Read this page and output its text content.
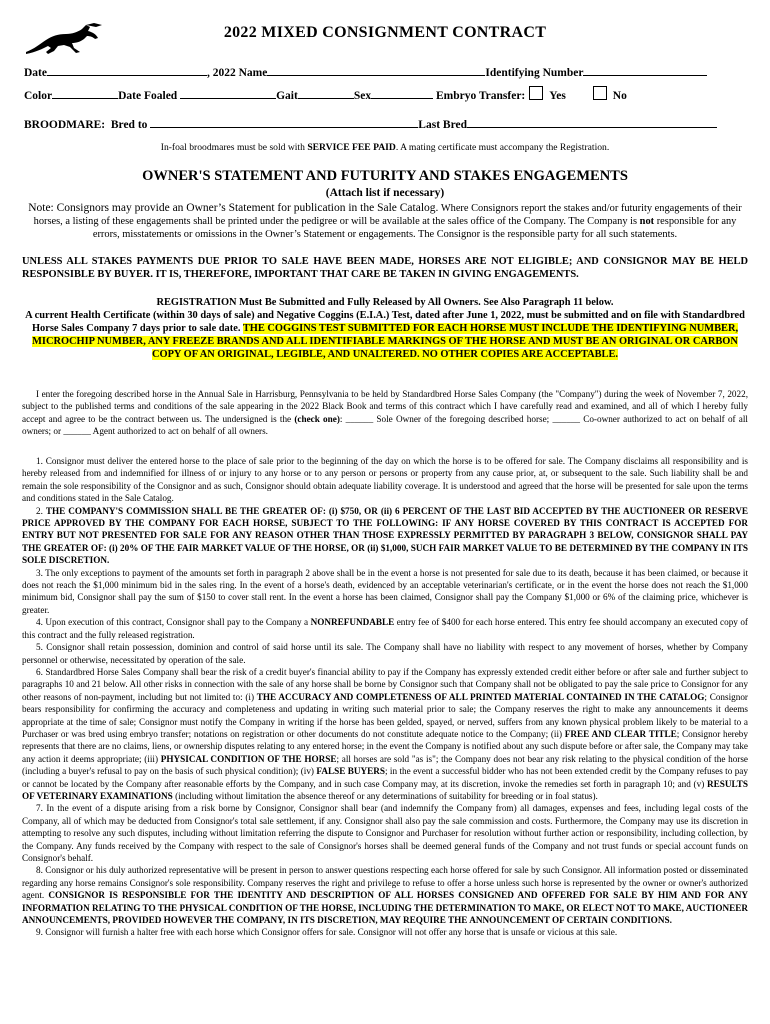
2022 MIXED CONSIGNMENT CONTRACT
Date	, 2022 Name	Identifying Number
Color	Date Foaled	Gait	Sex	Embryo Transfer: Yes	No
BROODMARE: Bred to	Last Bred
In-foal broodmares must be sold with SERVICE FEE PAID. A mating certificate must accompany the Registration.
OWNER'S STATEMENT AND FUTURITY AND STAKES ENGAGEMENTS
(Attach list if necessary)
Note: Consignors may provide an Owner’s Statement for publication in the Sale Catalog. Where Consignors report the stakes and/or futurity engagements of their horses, a listing of these engagements shall be printed under the pedigree or will be available at the sales office of the Company. The Company is not responsible for any errors, misstatements or omissions in the Owner’s Statement or engagements. The Consignor is the responsible party for all such statements.
UNLESS ALL STAKES PAYMENTS DUE PRIOR TO SALE HAVE BEEN MADE, HORSES ARE NOT ELIGIBLE; AND CONSIGNOR MAY BE HELD RESPONSIBLE BY BUYER. IT IS, THEREFORE, IMPORTANT THAT CARE BE TAKEN IN GIVING ENGAGEMENTS.
REGISTRATION Must Be Submitted and Fully Released by All Owners. See Also Paragraph 11 below.
A current Health Certificate (within 30 days of sale) and Negative Coggins (E.I.A.) Test, dated after June 1, 2022, must be submitted and on file with Standardbred Horse Sales Company 7 days prior to sale date. THE COGGINS TEST SUBMITTED FOR EACH HORSE MUST INCLUDE THE IDENTIFYING NUMBER, MICROCHIP NUMBER, ANY FREEZE BRANDS AND ALL IDENTIFIABLE MARKINGS OF THE HORSE AND MUST BE AN ORIGINAL OR CARBON COPY OF AN ORIGINAL, LEGIBLE, AND UNALTERED. NO OTHER COPIES ARE ACCEPTABLE.
I enter the foregoing described horse in the Annual Sale in Harrisburg, Pennsylvania to be held by Standardbred Horse Sales Company (the "Company") during the week of November 7, 2022, subject to the published terms and conditions of the sale appearing in the 2022 Black Book and terms of this contract which I have carefully read and examined, and all of which I hereby fully accept and agree to be the contract between us. The undersigned is the (check one): ______ Sole Owner of the foregoing described horse; ______ Co-owner authorized to act on behalf of all owners; or ______ Agent authorized to act on behalf of all owners.

1. Consignor must deliver the entered horse to the place of sale prior to the beginning of the day on which the horse is to be offered for sale. The Company disclaims all responsibility and is hereby released from and indemnified for illness of or injury to any horse or to any person or persons or property from any cause prior, at, or subsequent to the sale. Such liability shall be and remain the sole responsibility of the Consignor and as such, Consignor should obtain adequate liability coverage. It is understood and agreed that the horse will be presented for sale upon the terms and conditions stated in the Sale Catalog.

2. THE COMPANY'S COMMISSION SHALL BE THE GREATER OF: (i) $750, OR (ii) 6 PERCENT OF THE LAST BID ACCEPTED BY THE AUCTIONEER OR RESERVE PRICE APPROVED BY THE COMPANY FOR EACH HORSE, SUBJECT TO THE FOLLOWING: IF ANY HORSE COVERED BY THIS CONTRACT IS ACCEPTED FOR ENTRY BUT NOT PRESENTED FOR SALE FOR ANY REASON OTHER THAN THOSE EXPRESSLY PERMITTED BY PARAGRAPH 3 BELOW, CONSIGNOR SHALL PAY THE GREATER OF: (i) 20% OF THE FAIR MARKET VALUE OF THE HORSE, OR (ii) $1,000, SUCH FAIR MARKET VALUE TO BE DETERMINED BY THE COMPANY IN ITS SOLE DISCRETION.

3. The only exceptions to payment of the amounts set forth in paragraph 2 above shall be in the event a horse is not presented for sale due to its death, because it has been claimed, or because it does not reach the $1,000 minimum bid in the sales ring. In the event of a horse's death, evidenced by an acceptable veterinarian's certificate, or in the event the horse does not reach the $1,000 minimum bid, Consignor shall pay the sum of $150 to cover stall rent. In the event a horse has been claimed, Consignor shall pay the Company $1,000 or 6% of the claiming price, whichever is greater.

4. Upon execution of this contract, Consignor shall pay to the Company a NONREFUNDABLE entry fee of $400 for each horse entered. This entry fee should accompany an executed copy of this contract and the fully released registration.

5. Consignor shall retain possession, dominion and control of said horse until its sale. The Company shall have no liability with respect to any movement of horses, whether by Company personnel or otherwise, necessitated by operation of the sale.

6. Standardbred Horse Sales Company shall bear the risk of a credit buyer's financial ability to pay if the Company has expressly extended credit either before or after sale and further subject to paragraphs 10 and 21 below. All other risks in connection with the sale of any horse shall be borne by Consignor such that Company shall not be obligated to pay the sale price to Consignor for any other reasons of non-payment, including but not limited to: (i) THE ACCURACY AND COMPLETENESS OF ALL PRINTED MATERIAL CONTAINED IN THE CATALOG; Consignor bears responsibility for confirming the accuracy and completeness and updating in writing such material prior to sale; the Company reserves the right to make any announcements it deems appropriate at the time of sale; Consignor must notify the Company in writing if the horse has been gelded, spayed, or nerved, suffers from any known physical problem likely to be material to a Purchaser or was bred using embryo transfer; notations on registration or other documents do not constitute adequate notice to the Company; (ii) FREE AND CLEAR TITLE; Consignor hereby represents that there are no claims, liens, or ownership disputes relating to any entered horse; in the event the Company is notified about any such dispute before or after sale, the Company may take any action it deems appropriate; (iii) PHYSICAL CONDITION OF THE HORSE; all horses are sold "as is"; the Company does not bear any risk relating to the physical condition of the horse (including a buyer's refusal to pay on the basis of such physical condition); (iv) FALSE BUYERS; in the event a successful bidder who has not been extended credit by the Company refuses to pay or cannot be located by the Company after reasonable efforts by the Company, and in such case Company may, at its discretion, invoke the remedies set forth in paragraph 10; and (v) RESULTS OF VETERINARY EXAMINATIONS (including without limitation the absence thereof or any determinations of suitability for breeding or in foal status).

7. In the event of a dispute arising from a risk borne by Consignor, Consignor shall bear (and indemnify the Company from) all damages, expenses and fees, including legal costs of the Company, all of which may be deducted from Consignor's total sale settlement, if any. Consignor shall also pay the sale commission and costs. Furthermore, the Company may use its discretion in attempting to resolve any such disputes, including without limitation referring the dispute to Consignor and Purchaser for resolution without further action or responsibility, including collection, by the Company. Any funds received by the Company with respect to the sale of Consignor's horses shall be deemed general funds of the Company and not trust funds or special account funds on Consignor's behalf.

8. Consignor or his duly authorized representative will be present in person to answer questions respecting each horse offered for sale by such Consignor. All information posted or disseminated regarding any horse remains Consignor's sole responsibility. Company reserves the right and privilege to refuse to offer a horse unless such horse is represented by the owner or owner's authorized agent. CONSIGNOR IS RESPONSIBLE FOR THE IDENTITY AND DESCRIPTION OF ALL HORSES CONSIGNED AND OFFERED FOR SALE BY HIM AND FOR ANY INFORMATION RELATING TO THE PHYSICAL CONDITION OF THE HORSE, INCLUDING THE DETERMINATION TO MAKE, OR ELECT NOT TO MAKE, AUCTIONEER ANNOUNCEMENTS, PROVIDED HOWEVER THE COMPANY, IN ITS DISCRETION, MAY REQUIRE THE ANNOUNCEMENT OF CERTAIN CONDITIONS.

9. Consignor will furnish a halter free with each horse which Consignor offers for sale. Consignor will not offer any horse that is unsafe or vicious at this sale.
